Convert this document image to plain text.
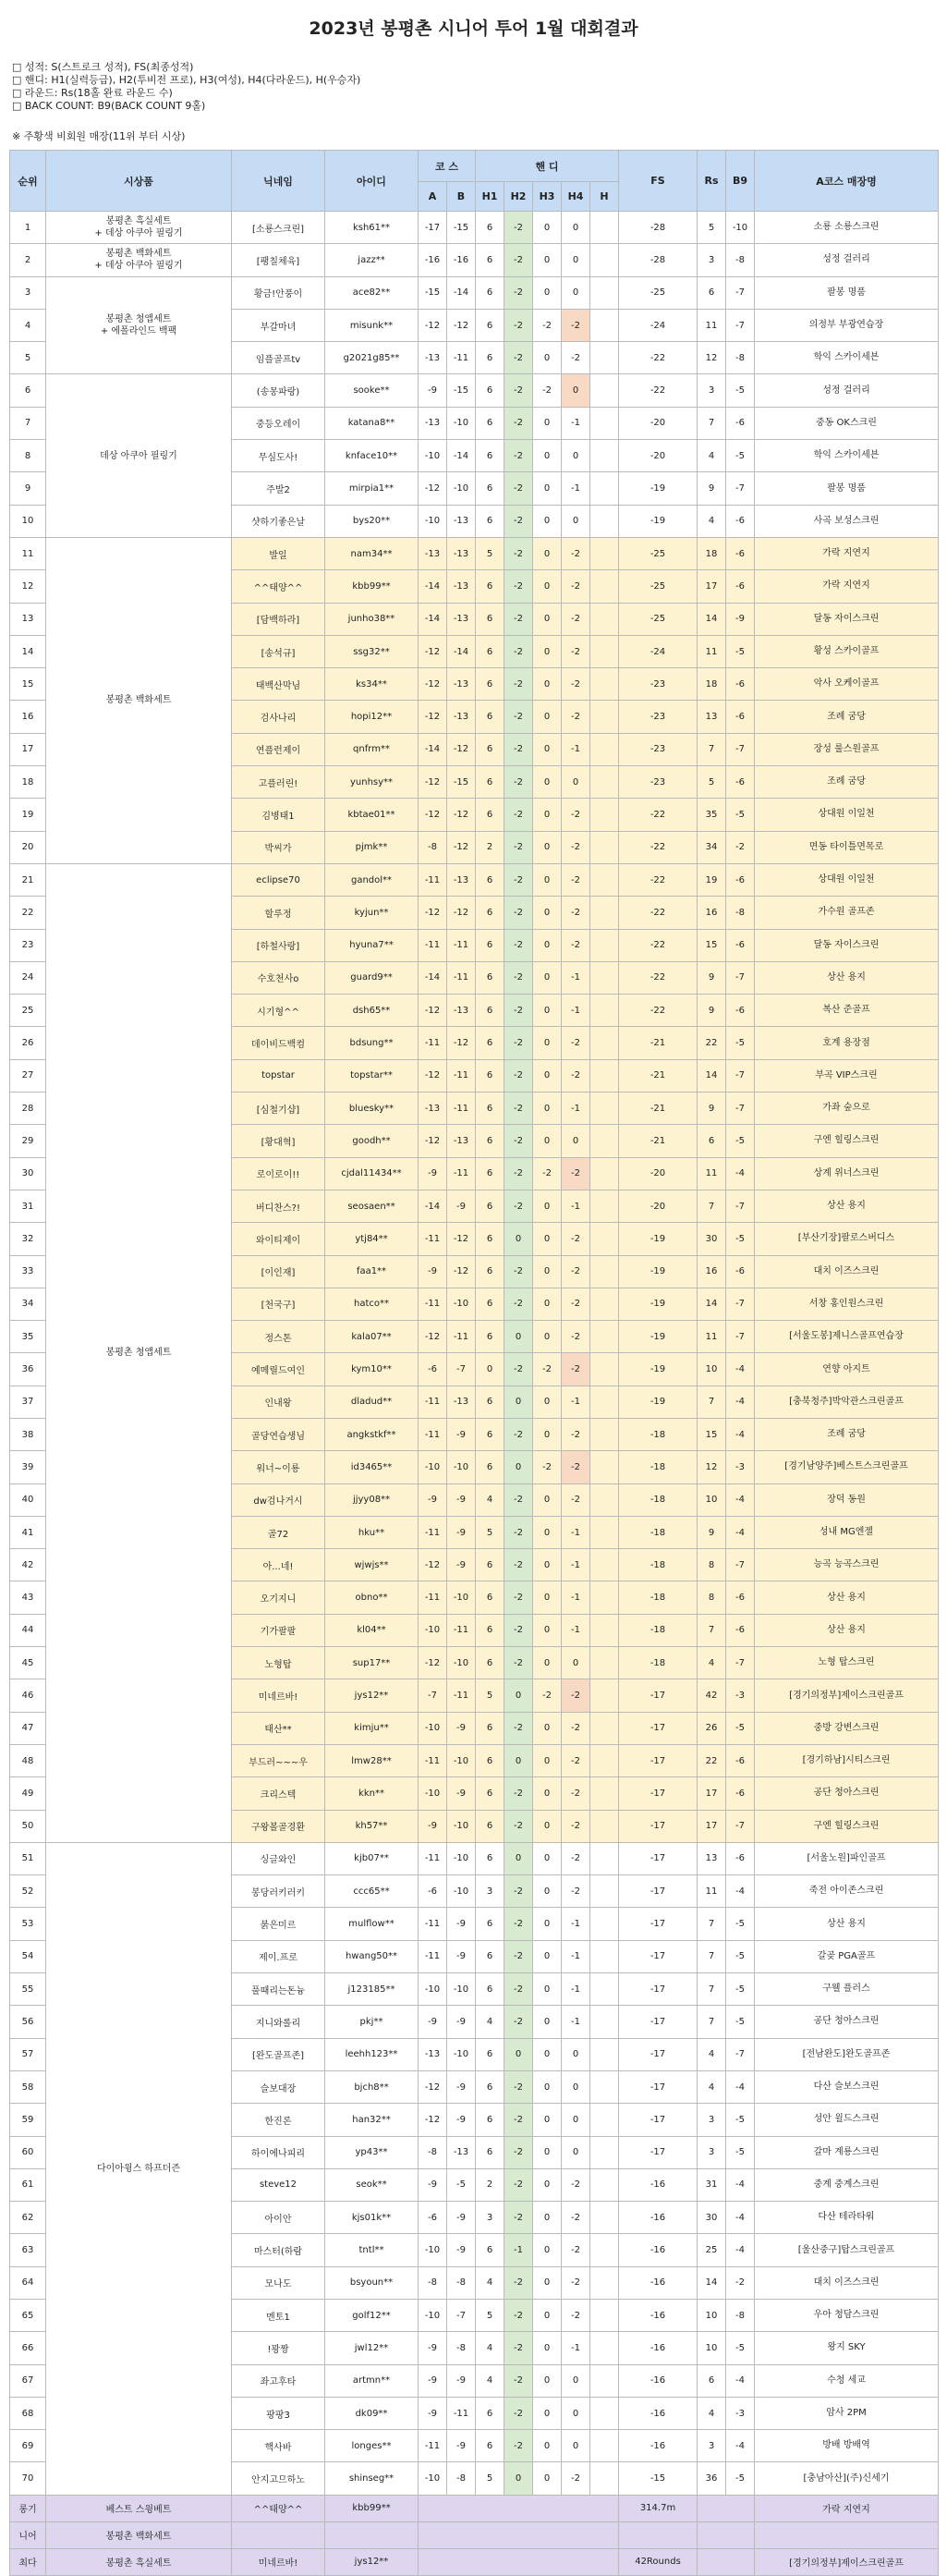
2023년 봉평촌 시니어 투어 1월 대회결과
□ 성적: S(스트로크 성적), FS(최종성적)
□ 핸디: H1(실력등급), H2(투비전 프로), H3(여성), H4(다라운드), H(우승자)
□ 라운드: Rs(18홀 완료 라운드 수)
□ BACK COUNT: B9(BACK COUNT 9홀)
※ 주황색 비회원 매장(11위 부터 시상)
순위	시상품	닉네임	아이디	코 스		핸 디					FS	Rs	B9	A코스 매장명
				A	B	H1	H2	H3	H4	H				
1	봉평촌 흑실세트
+ 데상 아쿠아 필링기	[소룡스크린]	ksh61**	-17	-15	6	-2	0	0		-28	5	-10	소룡 소룡스크린
2	봉평촌 백화세트
+ 데상 아쿠아 필링기	[팽칠체육]	jazz**	-16	-16	6	-2	0	0		-28	3	-8	성정 걸러리
3	봉평촌 청앱세트
+ 에폴라인드 백팩	황금!안풍이	ace82**	-15	-14	6	-2	0	0		-25	6	-7	팔봉 명품
4		부갈마녀	misunk**	-12	-12	6	-2	-2	-2		-24	11	-7	의정부 부광연습장
5		임플골프tv	g2021g85**	-13	-11	6	-2	0	-2		-22	12	-8	학익 스카이세븐
6	데상 아쿠아 필링기	(송몽파랑)	sooke**	-9	-15	6	-2	-2	0		-22	3	-5	성정 걸러리
7		중등오레이	katana8**	-13	-10	6	-2	0	-1		-20	7	-6	중동 OK스크린
8		무심도사!	knface10**	-10	-14	6	-2	0	0		-20	4	-5	학익 스카이세븐
9		주발2	mirpia1**	-12	-10	6	-2	0	-1		-19	9	-7	팔봉 명품
10		샷하기좋은날	bys20**	-10	-13	6	-2	0	0		-19	4	-6	사곡 보성스크린
11	봉평촌 백화세트	발일	nam34**	-13	-13	5	-2	0	-2		-25	18	-6	가락 지연지
12		^^태양^^	kbb99**	-14	-13	6	-2	0	-2		-25	17	-6	가락 지연지
13		[담백하라]	junho38**	-14	-13	6	-2	0	-2		-25	14	-9	달동 자이스크린
14		[송석규]	ssg32**	-12	-14	6	-2	0	-2		-24	11	-5	황성 스카이골프
15		태백산막님	ks34**	-12	-13	6	-2	0	-2		-23	18	-6	악사 오케이골프
16		검사나리	hopi12**	-12	-13	6	-2	0	-2		-23	13	-6	조례 굼당
17		연플런제이	qnfrm**	-14	-12	6	-2	0	-1		-23	7	-7	장성 룰스원골프
18		고플러린!	yunhsy**	-12	-15	6	-2	0	0		-23	5	-6	조례 굼당
19		김병태1	kbtae01**	-12	-12	6	-2	0	-2		-22	35	-5	상대원 이일천
20		박씨가	pjmk**	-8	-12	2	-2	0	-2		-22	34	-2	면동 타이틀면목로
21	봉평촌 청앱세트	eclipse70	gandol**	-11	-13	6	-2	0	-2		-22	19	-6	상대원 이일천
22		할루정	kyjun**	-12	-12	6	-2	0	-2		-22	16	-8	가수원 골프존
23		[하철사랑]	hyuna7**	-11	-11	6	-2	0	-2		-22	15	-6	달동 자이스크린
24		수호천사o	guard9**	-14	-11	6	-2	0	-1		-22	9	-7	상산 용지
25		시기형^^	dsh65**	-12	-13	6	-2	0	-1		-22	9	-6	복산 준골프
26		데이비드백컴	bdsung**	-11	-12	6	-2	0	-2		-21	22	-5	호계 용장점
27		topstar	topstar**	-12	-11	6	-2	0	-2		-21	14	-7	부곡 VIP스크린
28		[심철기샵]	bluesky**	-13	-11	6	-2	0	-1		-21	9	-7	가좌 숲으로
29		[황대혁]	goodh**	-12	-13	6	-2	0	0		-21	6	-5	구엔 힐링스크린
30		로이로이!!	cjdal11434**	-9	-11	6	-2	-2	-2		-20	11	-4	상계 위너스크린
31		버디찬스?!	seosaen**	-14	-9	6	-2	0	-1		-20	7	-7	상산 용지
32		와이티제이	ytj84**	-11	-12	6	0	0	-2		-19	30	-5	[부산기장]팔로스버디스
33		[이인재]	faa1**	-9	-12	6	-2	0	-2		-19	16	-6	대치 이즈스크린
34		[천국구]	hatco**	-11	-10	6	-2	0	-2		-19	14	-7	서창 홍인원스크린
35		정스톤	kala07**	-12	-11	6	0	0	-2		-19	11	-7	[서울도봉]제니스골프연습장
36		예메릴드여인	kym10**	-6	-7	0	-2	-2	-2		-19	10	-4	연향 아지트
37		인내왕	dladud**	-11	-13	6	0	0	-1		-19	7	-4	[충북청주]박악관스크린골프
38		골당연습생님	angkstkf**	-11	-9	6	-2	0	-2		-18	15	-4	조례 굼당
39		워너~이룡	id3465**	-10	-10	6	0	-2	-2		-18	12	-3	[경기남양주]베스트스크린골프
40		dw검나거시	jjyy08**	-9	-9	4	-2	0	-2		-18	10	-4	장덕 동원
41		골72	hku**	-11	-9	5	-2	0	-1		-18	9	-4	성내 MG엔젤
42		아...네!	wjwjs**	-12	-9	6	-2	0	-1		-18	8	-7	능곡 능곡스크린
43		오기지니	obno**	-11	-10	6	-2	0	-1		-18	8	-6	상산 용지
44		기가팔팔	kl04**	-10	-11	6	-2	0	-1		-18	7	-6	상산 용지
45		노형탑	sup17**	-12	-10	6	-2	0	0		-18	4	-7	노형 탑스크린
46		미네르바!	jys12**	-7	-11	5	0	-2	-2		-17	42	-3	[경기의정부]제이스크린골프
47		태산**	kimju**	-10	-9	6	-2	0	-2		-17	26	-5	중방 강변스크린
48		부드러~~~우	lmw28**	-11	-10	6	0	0	-2		-17	22	-6	[경기하남]시티스크린
49		크리스텍	kkn**	-10	-9	6	-2	0	-2		-17	17	-6	공단 청아스크린
50		구왕볼골경환	kh57**	-9	-10	6	-2	0	-2		-17	17	-7	구엔 힐링스크린
51	다이아윙스 하프더즌	싱글와인	kjb07**	-11	-10	6	0	0	-2		-17	13	-6	[서울노원]파인골프
52		봉당러키러키	ccc65**	-6	-10	3	-2	0	-2		-17	11	-4	죽전 아이존스크린
53		붉은미르	mulflow**	-11	-9	6	-2	0	-1		-17	7	-5	상산 용지
54		제이.프로	hwang50**	-11	-9	6	-2	0	-1		-17	7	-5	갈곶 PGA골프
55		풀때리는돈늉	j123185**	-10	-10	6	-2	0	-1		-17	7	-5	구웰 플러스
56		지니와롤리	pkj**	-9	-9	4	-2	0	-1		-17	7	-5	공단 청아스크린
57		[완도골프존]	leehh123**	-13	-10	6	0	0	0		-17	4	-7	[전남완도]완도골프존
58		슬보대장	bjch8**	-12	-9	6	-2	0	0		-17	4	-4	다산 슬보스크린
59		한진론	han32**	-12	-9	6	-2	0	0		-17	3	-5	성안 윌드스크린
60		하이에나피리	yp43**	-8	-13	6	-2	0	0		-17	3	-5	갈마 계룡스크린
61		steve12	seok**	-9	-5	2	-2	0	-2		-16	31	-4	중계 중계스크린
62		아이안	kjs01k**	-6	-9	3	-2	0	-2		-16	30	-4	다산 테라타워
63		마스터(하람	tntl**	-10	-9	6	-1	0	-2		-16	25	-4	[울산중구]탑스크린골프
64		모나도	bsyoun**	-8	-8	4	-2	0	-2		-16	14	-2	대치 이즈스크린
65		멘토1	golf12**	-10	-7	5	-2	0	-2		-16	10	-8	우아 청담스크린
66		!꽝짱	jwl12**	-9	-8	4	-2	0	-1		-16	10	-5	왕지 SKY
67		좌고후타	artmn**	-9	-9	4	-2	0	0		-16	6	-4	수청 세교
68		팡팡3	dk09**	-9	-11	6	-2	0	0		-16	4	-3	암사 2PM
69		핵사바	longes**	-11	-9	6	-2	0	0		-16	3	-4	방배 방배역
70		안지고므하노	shinseg**	-10	-8	5	0	0	-2		-15	36	-5	[충남아산](주)신세기
롱기	베스트 스윙베트	^^태양^^	kbb99**								314.7m			가락 지연지
니어	봉평촌 백화세트													
최다	봉평촌 흑실세트	미네르바!	jys12**								42Rounds			[경기의정부]제이스크린골프
